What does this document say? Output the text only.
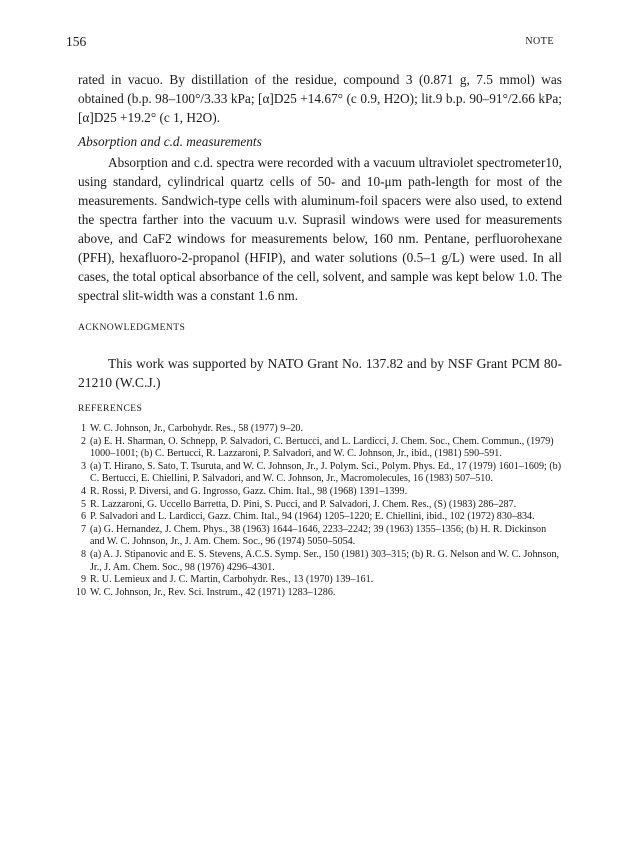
156	NOTE
rated in vacuo. By distillation of the residue, compound 3 (0.871 g, 7.5 mmol) was obtained (b.p. 98–100°/3.33 kPa; [α]D25 +14.67° (c 0.9, H2O); lit.9 b.p. 90–91°/2.66 kPa; [α]D25 +19.2° (c 1, H2O).
Absorption and c.d. measurements
Absorption and c.d. spectra were recorded with a vacuum ultraviolet spectrometer10, using standard, cylindrical quartz cells of 50- and 10-μm path-length for most of the measurements. Sandwich-type cells with aluminum-foil spacers were also used, to extend the spectra farther into the vacuum u.v. Suprasil windows were used for measurements above, and CaF2 windows for measurements below, 160 nm. Pentane, perfluorohexane (PFH), hexafluoro-2-propanol (HFIP), and water solutions (0.5–1 g/L) were used. In all cases, the total optical absorbance of the cell, solvent, and sample was kept below 1.0. The spectral slit-width was a constant 1.6 nm.
ACKNOWLEDGMENTS
This work was supported by NATO Grant No. 137.82 and by NSF Grant PCM 80-21210 (W.C.J.)
REFERENCES
1 W. C. Johnson, Jr., Carbohydr. Res., 58 (1977) 9–20.
2 (a) E. H. Sharman, O. Schnepp, P. Salvadori, C. Bertucci, and L. Lardicci, J. Chem. Soc., Chem. Commun., (1979) 1000–1001; (b) C. Bertucci, R. Lazzaroni, P. Salvadori, and W. C. Johnson, Jr., ibid., (1981) 590–591.
3 (a) T. Hirano, S. Sato, T. Tsuruta, and W. C. Johnson, Jr., J. Polym. Sci., Polym. Phys. Ed., 17 (1979) 1601–1609; (b) C. Bertucci, E. Chiellini, P. Salvadori, and W. C. Johnson, Jr., Macromolecules, 16 (1983) 507–510.
4 R. Rossi, P. Diversi, and G. Ingrosso, Gazz. Chim. Ital., 98 (1968) 1391–1399.
5 R. Lazzaroni, G. Uccello Barretta, D. Pini, S. Pucci, and P. Salvadori, J. Chem. Res., (S) (1983) 286–287.
6 P. Salvadori and L. Lardicci, Gazz. Chim. Ital., 94 (1964) 1205–1220; E. Chiellini, ibid., 102 (1972) 830–834.
7 (a) G. Hernandez, J. Chem. Phys., 38 (1963) 1644–1646, 2233–2242; 39 (1963) 1355–1356; (b) H. R. Dickinson and W. C. Johnson, Jr., J. Am. Chem. Soc., 96 (1974) 5050–5054.
8 (a) A. J. Stipanovic and E. S. Stevens, A.C.S. Symp. Ser., 150 (1981) 303–315; (b) R. G. Nelson and W. C. Johnson, Jr., J. Am. Chem. Soc., 98 (1976) 4296–4301.
9 R. U. Lemieux and J. C. Martin, Carbohydr. Res., 13 (1970) 139–161.
10 W. C. Johnson, Jr., Rev. Sci. Instrum., 42 (1971) 1283–1286.
